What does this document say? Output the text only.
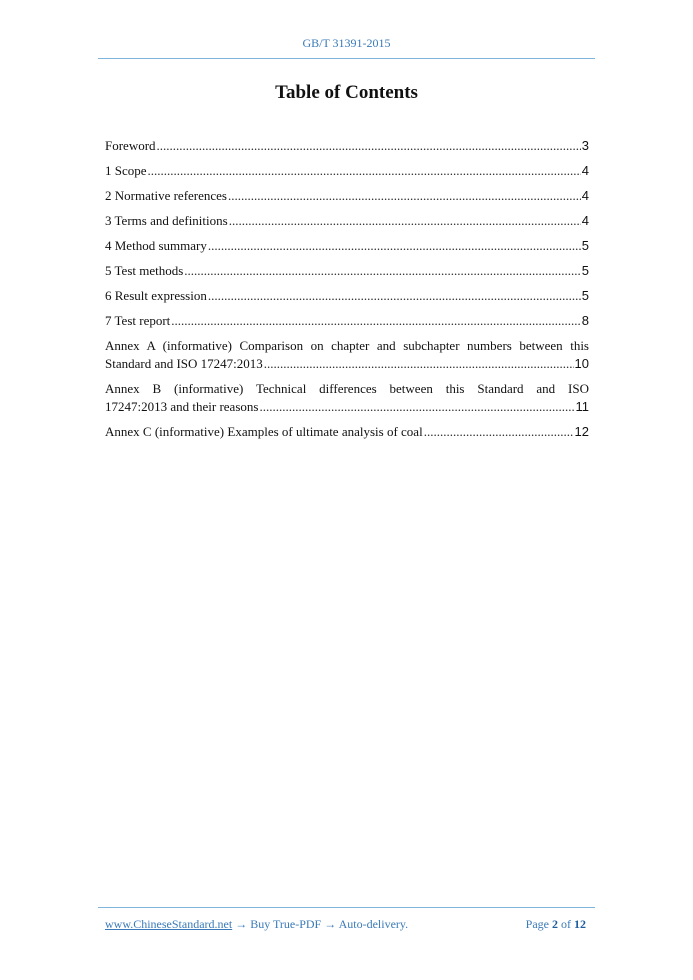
GB/T 31391-2015
Table of Contents
Foreword .....	3
1 Scope .....	4
2 Normative references .....	4
3 Terms and definitions .....	4
4 Method summary .....	5
5 Test methods .....	5
6 Result expression .....	5
7 Test report .....	8
Annex A (informative) Comparison on chapter and subchapter numbers between this
Standard and ISO 17247:2013 .....	10
Annex B (informative) Technical differences between this Standard and ISO
17247:2013 and their reasons .....	11
Annex C (informative) Examples of ultimate analysis of coal .....	12
www.ChineseStandard.net → Buy True-PDF → Auto-delivery.	Page 2 of 12
